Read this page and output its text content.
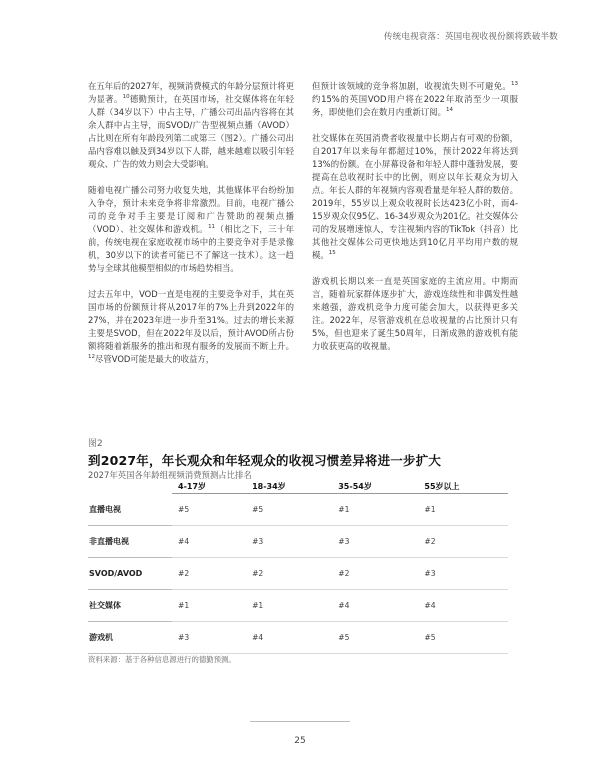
传统电视衰落：英国电视收视份额将跌破半数

在五年后的2027年，视频消费模式的年龄分层预计将更为显著。$^{10}$德勤预计，在英国市场，社交媒体将在年轻人群（34岁以下）中占主导，广播公司出品内容将在其余人群中占主导，而SVOD/广告型视频点播（AVOD）占比则在所有年龄段列第二或第三（图2）。广播公司出品内容难以触及到34岁以下人群，越来越难以吸引年轻观众、广告的效力则会大受影响。

随着电视广播公司努力收复失地，其他媒体平台纷纷加入争夺，预计未来竞争将非常激烈。目前，电视广播公司的竞争对手主要是订阅和广告赞助的视频点播（VOD）、社交媒体和游戏机。$^{11}$（相比之下，三十年前，传统电视在家庭收视市场中的主要竞争对手是录像机，30岁以下的读者可能已不了解这一技术）。这一趋势与全球其他模型相似的市场趋势相当。

过去五年中，VOD一直是电视的主要竞争对手，其在英国市场的份额预计将从2017年的7%上升到2022年的27%，并在2023年进一步升至31%。过去的增长来源主要是SVOD，但在2022年及以后，预计AVOD所占份额将随着新服务的推出和现有服务的发展而不断上升。$^{12}$尽管VOD可能是最大的收益方，

但预计该领域的竞争将加剧，收视流失则不可避免。$^{13}$约15%的英国VOD用户将在2022年取消至少一项服务，即使他们会在数月内重新订阅。$^{14}$

社交媒体在英国消费者收视量中长期占有可观的份额，自2017年以来每年都超过10%，预计2022年将达到13%的份额。在小屏幕设备和年轻人群中蓬勃发展，要提高在总收视时长中的比例，则应以年长观众为切入点。年长人群的年视频内容观看量是年轻人群的数倍。2019年，55岁以上观众收视时长达423亿小时，而4-15岁观众仅95亿、16-34岁观众为201亿。社交媒体公司的发展增速惊人，专注视频内容的TikTok（抖音）比其他社交媒体公司更快地达到10亿月平均用户数的规模。$^{15}$

游戏机长期以来一直是英国家庭的主流应用。中期而言，随着玩家群体逐步扩大，游戏连续性和非偶发性越来越强，游戏机竞争力度可能会加大，以获得更多关注。2022年，尽管游戏机在总收视量的占比预计只有5%，但也迎来了诞生50周年，日渐成熟的游戏机有能力收获更高的收视量。

图2
到2027年，年长观众和年轻观众的收视习惯差异将进一步扩大
2027年英国各年龄组视频消费预测占比排名
	4-17岁	18-34岁	35-54岁	55岁以上
直播电视	#5	#5	#1	#1
非直播电视	#4	#3	#3	#2
SVOD/AVOD	#2	#2	#2	#3
社交媒体	#1	#1	#4	#4
游戏机	#3	#4	#5	#5
资料来源：基于各种信息源进行的德勤预测。
25
